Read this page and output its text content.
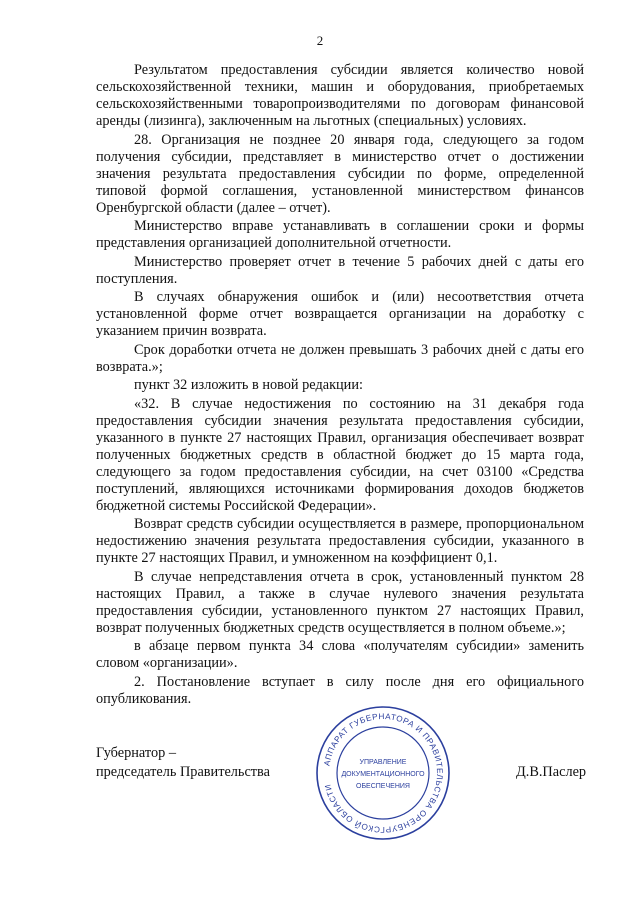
2

Результатом предоставления субсидии является количество новой сельскохозяйственной техники, машин и оборудования, приобретаемых сельскохозяйственными товаропроизводителями по договорам финансовой аренды (лизинга), заключенным на льготных (специальных) условиях.

28. Организация не позднее 20 января года, следующего за годом получения субсидии, представляет в министерство отчет о достижении значения результата предоставления субсидии по форме, определенной типовой формой соглашения, установленной министерством финансов Оренбургской области (далее – отчет).

Министерство вправе устанавливать в соглашении сроки и формы представления организацией дополнительной отчетности.

Министерство проверяет отчет в течение 5 рабочих дней с даты его поступления.

В случаях обнаружения ошибок и (или) несоответствия отчета установленной форме отчет возвращается организации на доработку с указанием причин возврата.

Срок доработки отчета не должен превышать 3 рабочих дней с даты его возврата.»;

пункт 32 изложить в новой редакции:

«32. В случае недостижения по состоянию на 31 декабря года предоставления субсидии значения результата предоставления субсидии, указанного в пункте 27 настоящих Правил, организация обеспечивает возврат полученных бюджетных средств в областной бюджет до 15 марта года, следующего за годом предоставления субсидии, на счет 03100 «Средства поступлений, являющихся источниками формирования доходов бюджетов бюджетной системы Российской Федерации».

Возврат средств субсидии осуществляется в размере, пропорциональном недостижению значения результата предоставления субсидии, указанного в пункте 27 настоящих Правил, и умноженном на коэффициент 0,1.

В случае непредставления отчета в срок, установленный пунктом 28 настоящих Правил, а также в случае нулевого значения результата предоставления субсидии, установленного пунктом 27 настоящих Правил, возврат полученных бюджетных средств осуществляется в полном объеме.»;

в абзаце первом пункта 34 слова «получателям субсидии» заменить словом «организации».

2. Постановление вступает в силу после дня его официального опубликования.

Губернатор –
председатель Правительства
АППАРАТ ГУБЕРНАТОРА И ПРАВИТЕЛЬСТВА ОРЕНБУРГСКОЙ ОБЛАСТИ
УПРАВЛЕНИЕ
ДОКУМЕНТАЦИОННОГО
ОБЕСПЕЧЕНИЯ
Д.В.Паслер
